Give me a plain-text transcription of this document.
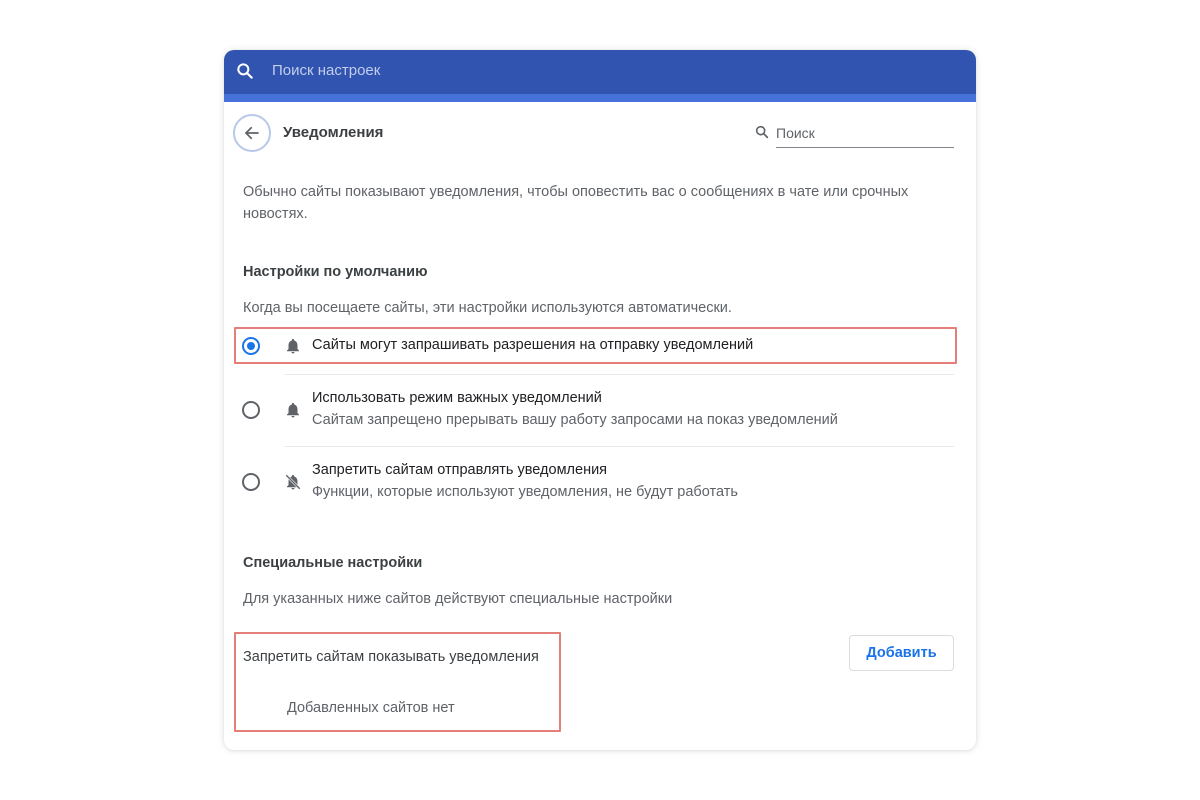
Поиск настроек
Уведомления
Поиск
Обычно сайты показывают уведомления, чтобы оповестить вас о сообщениях в чате или срочных новостях.
Настройки по умолчанию
Когда вы посещаете сайты, эти настройки используются автоматически.
Сайты могут запрашивать разрешения на отправку уведомлений
Использовать режим важных уведомлений
Сайтам запрещено прерывать вашу работу запросами на показ уведомлений
Запретить сайтам отправлять уведомления
Функции, которые используют уведомления, не будут работать
Специальные настройки
Для указанных ниже сайтов действуют специальные настройки
Запретить сайтам показывать уведомления	Добавить
Добавленных сайтов нет
